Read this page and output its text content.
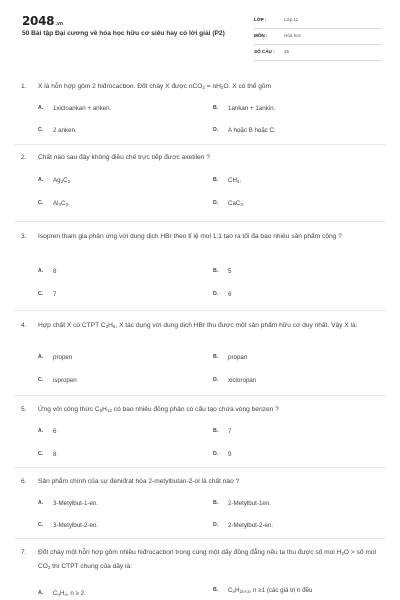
2048.vn
50 Bài tập Đại cương về hóa học hữu cơ siêu hay có lời giải (P2)
LỚP :	Lớp 11
MÔN :	Hóa học
SỐ CÂU : 25
1. X là hỗn hợp gồm 2 hiđrocacbon. Đốt cháy X được $nCO_2 = nH_2O$. X có thể gồm
A. 1xicloankan + anken.	B. 1ankan + 1ankin.
C. 2 anken.	D. A hoặc B hoặc C.
2. Chất nào sau đây không điều chế trực tiếp được axetilen ?
A. $Ag_2C_2$.	B. $CH_4$.
C. $Al_4C_3$.	D. CaC$_2$.
3. Isopren tham gia phản ứng với dung dịch HBr theo tỉ lệ mol 1:1 tạo ra tối đa bao nhiêu sản phẩm cộng ?
A. 8	B. 5
C. 7	D. 6
4. Hợp chất X có CTPT $C_3H_6$, X tác dụng với dung dịch HBr thu được một sản phẩm hữu cơ duy nhất. Vậy X là:
A. propen	B. propan
C. ispropen	D. xicloropan
5. Ứng với công thức $C_9H_{12}$ có bao nhiêu đồng phân có cấu tạo chứa vòng benzen ?
A. 6	B. 7
C. 8	D. 9
6. Sản phẩm chính của sự đehiđrat hóa 2-metylbutan-2-ol là chất nào ?
A. 3-Metylbut-1-en.	B. 2-Metylbut-1en.
C. 3-Metylbut-2-en.	D. 2-Metylbut-2-en.
7. Đốt cháy một hỗn hợp gồm nhiều hiđrocacbon trong cùng một dãy đồng đẳng nếu ta thu được số mol $H_2O$ > số mol $CO_2$ thì CTPT chung của dãy là:
A. $C_nH_n$, n ≥ 2.	B. $C_nH_{2n+2}$, n ≥1 (các giá trị n đều
